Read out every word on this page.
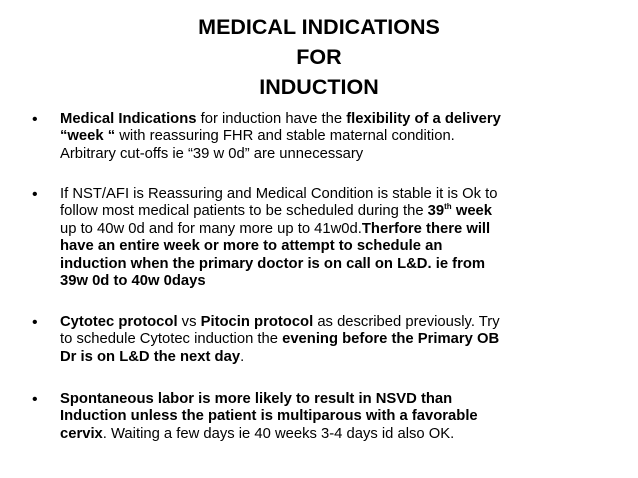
MEDICAL INDICATIONS
FOR
INDUCTION
• Medical Indications for induction have the flexibility of a delivery
“week “ with reassuring FHR and stable maternal condition.
Arbitrary cut-offs ie “39 w 0d” are unnecessary
• If NST/AFI is Reassuring and Medical Condition is stable it is Ok to
follow most medical patients to be scheduled during the 39th week
up to 40w 0d and for many more up to 41w0d.Therfore there will
have an entire week or more to attempt to schedule an
induction when the primary doctor is on call on L&D. ie from
39w 0d to 40w 0days
• Cytotec protocol vs Pitocin protocol as described previously. Try
to schedule Cytotec induction the evening before the Primary OB
Dr is on L&D the next day.
• Spontaneous labor is more likely to result in NSVD than
Induction unless the patient is multiparous with a favorable
cervix. Waiting a few days ie 40 weeks 3-4 days id also OK.
